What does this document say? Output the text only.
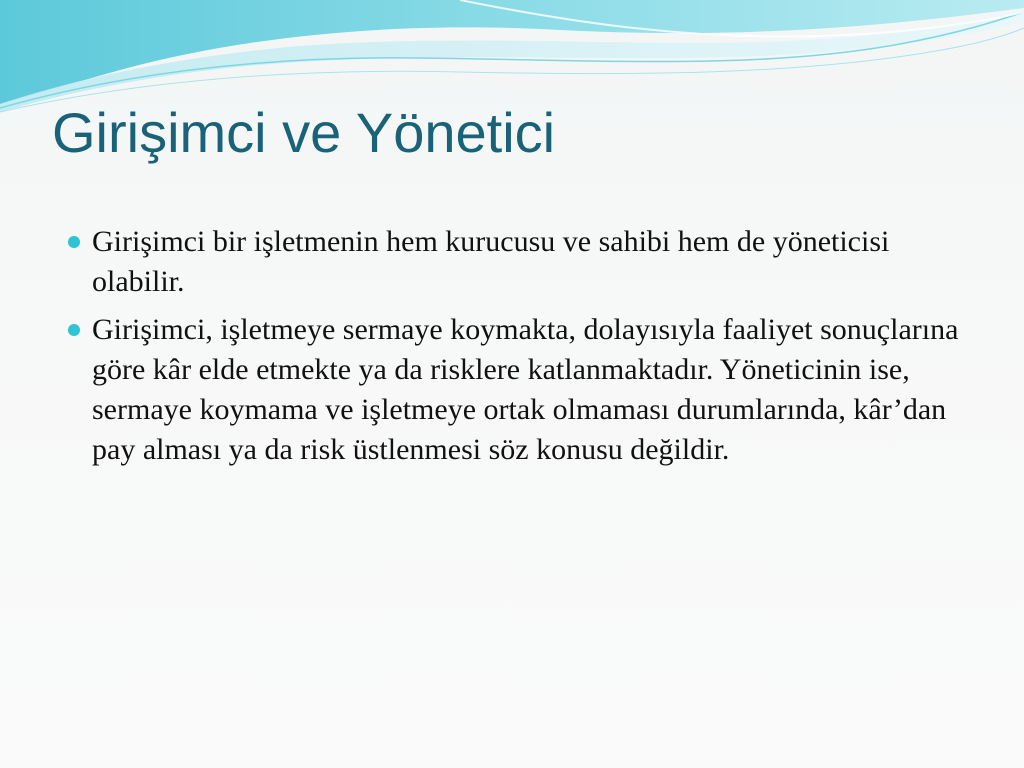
Girişimci ve Yönetici
Girişimci bir işletmenin hem kurucusu ve sahibi hem de yöneticisi olabilir.
Girişimci, işletmeye sermaye koymakta, dolayısıyla faaliyet sonuçlarına göre kâr elde etmekte ya da risklere katlanmaktadır. Yöneticinin ise, sermaye koymama ve işletmeye ortak olmaması durumlarında, kâr’dan pay alması ya da risk üstlenmesi söz konusu değildir.
